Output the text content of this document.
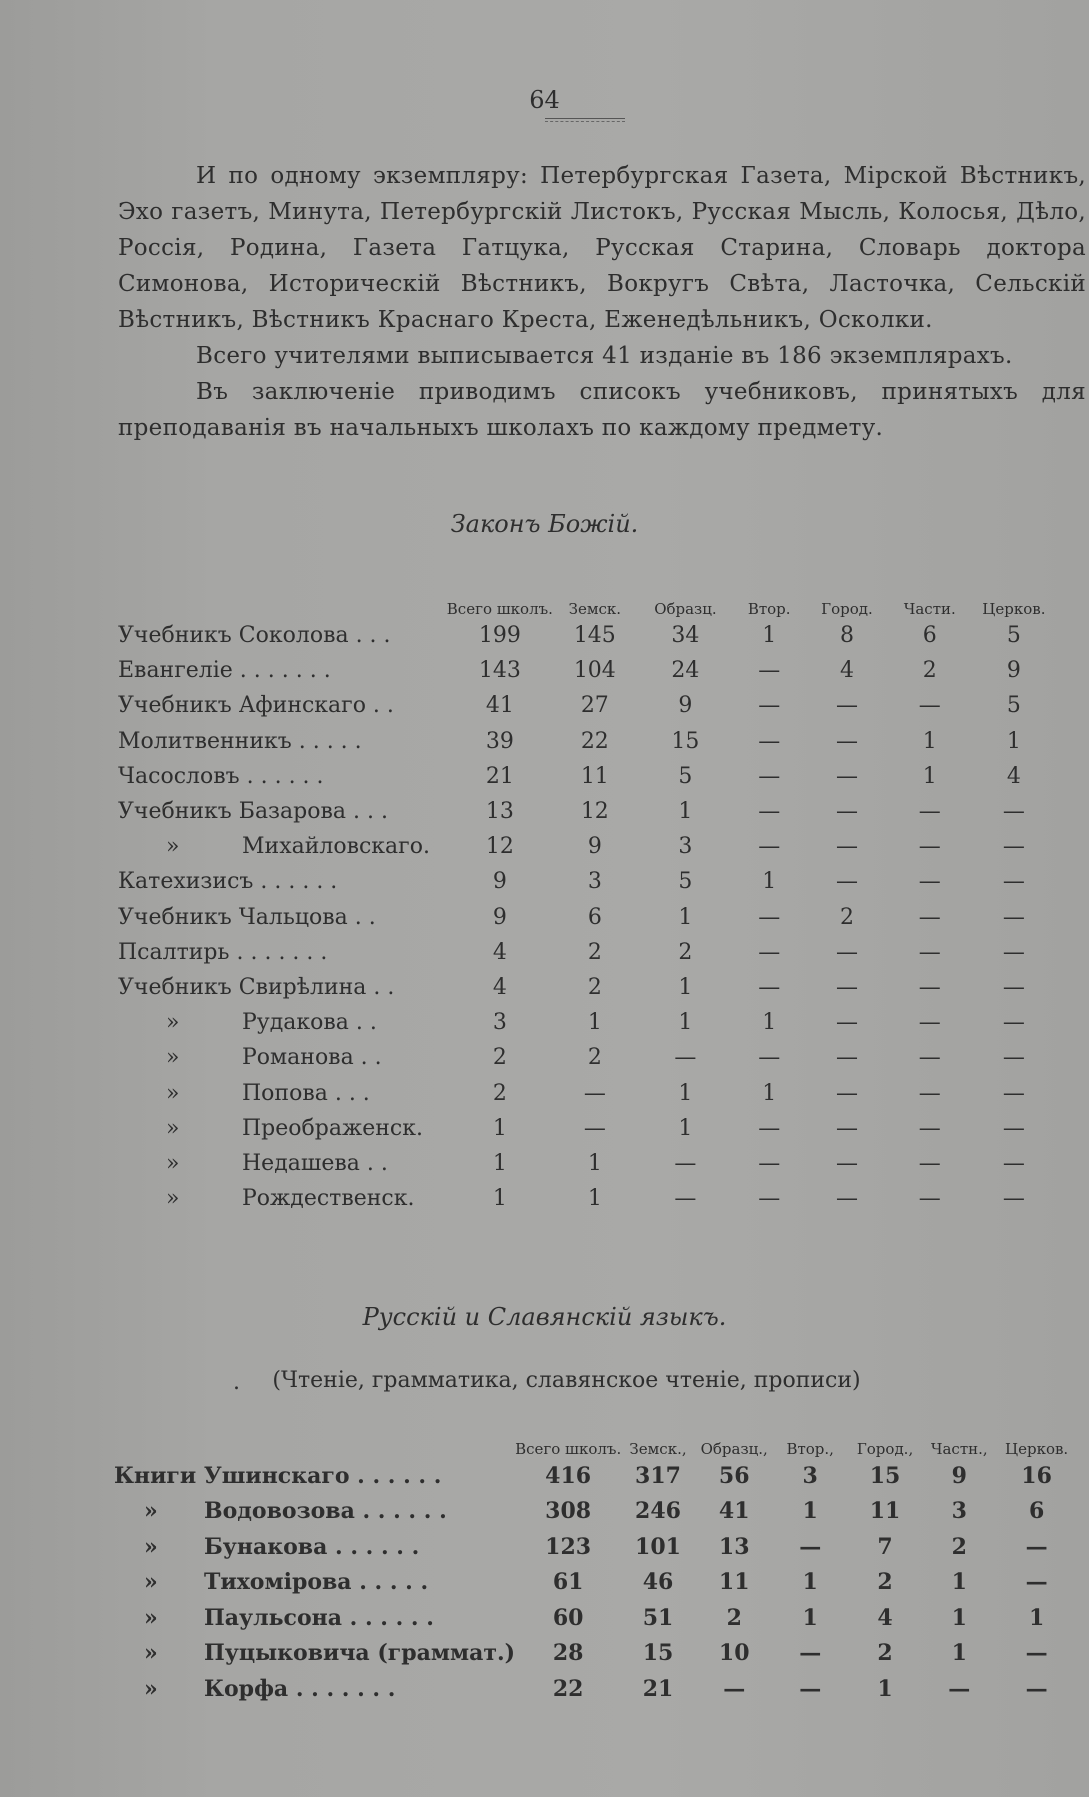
64

И по одному экземпляру: Петербургская Газета, Мірской Вѣстникъ, Эхо газетъ, Минута, Петербургскій Листокъ, Русская Мысль, Колосья, Дѣло, Россія, Родина, Газета Гатцука, Русская Старина, Словарь доктора Симонова, Историческій Вѣстникъ, Вокругъ Свѣта, Ласточка, Сельскій Вѣстникъ, Вѣстникъ Краснаго Креста, Еженедѣльникъ, Осколки.

Всего учителями выписывается 41 изданіе въ 186 экземпляpахъ.

Въ заключеніе приводимъ списокъ учебниковъ, принятыхъ для преподаванія въ начальныхъ школахъ по каждому предмету.

Законъ Божій.
	Всего школъ.	Земск.	Образц.	Втор.	Город.	Части.	Церков.
Учебникъ Соколова . . .	199	145	34	1	8	6	5
Евангеліе . . . . . . .	143	104	24	—	4	2	9
Учебникъ Афинскаго . .	41	27	9	—	—	—	5
Молитвенникъ . . . . .	39	22	15	—	—	1	1
Часословъ . . . . . .	21	11	5	—	—	1	4
Учебникъ Базарова . . .	13	12	1	—	—	—	—
» Михайловскаго.	12	9	3	—	—	—	—
Катехизисъ . . . . . .	9	3	5	1	—	—	—
Учебникъ Чальцова . .	9	6	1	—	2	—	—
Псалтирь . . . . . . .	4	2	2	—	—	—	—
Учебникъ Свирѣлина . .	4	2	1	—	—	—	—
» Рудакова . .	3	1	1	1	—	—	—
» Романова . .	2	2	—	—	—	—	—
» Попова . . .	2	—	1	1	—	—	—
» Преображенск.	1	—	1	—	—	—	—
» Недашева . .	1	1	—	—	—	—	—
» Рождественск.	1	1	—	—	—	—	—
Русскій и Славянскій языкъ.
.	(Чтеніе, грамматика, славянское чтеніе, прописи)
	Всего школъ.	Земск.,	Образц.,	Втор.,	Город.,	Частн.,	Церков.
Книги Ушинскаго . . . . . .	416	317	56	3	15	9	16
» Водовозова . . . . . .	308	246	41	1	11	3	6
» Бунакова . . . . . .	123	101	13	—	7	2	—
» Тихоміpoва . . . . .	61	46	11	1	2	1	—
» Паульсона . . . . . .	60	51	2	1	4	1	1
» Пуцыковича (граммат.)	28	15	10	—	2	1	—
» Корфа . . . . . . .	22	21	—	—	1	—	—
